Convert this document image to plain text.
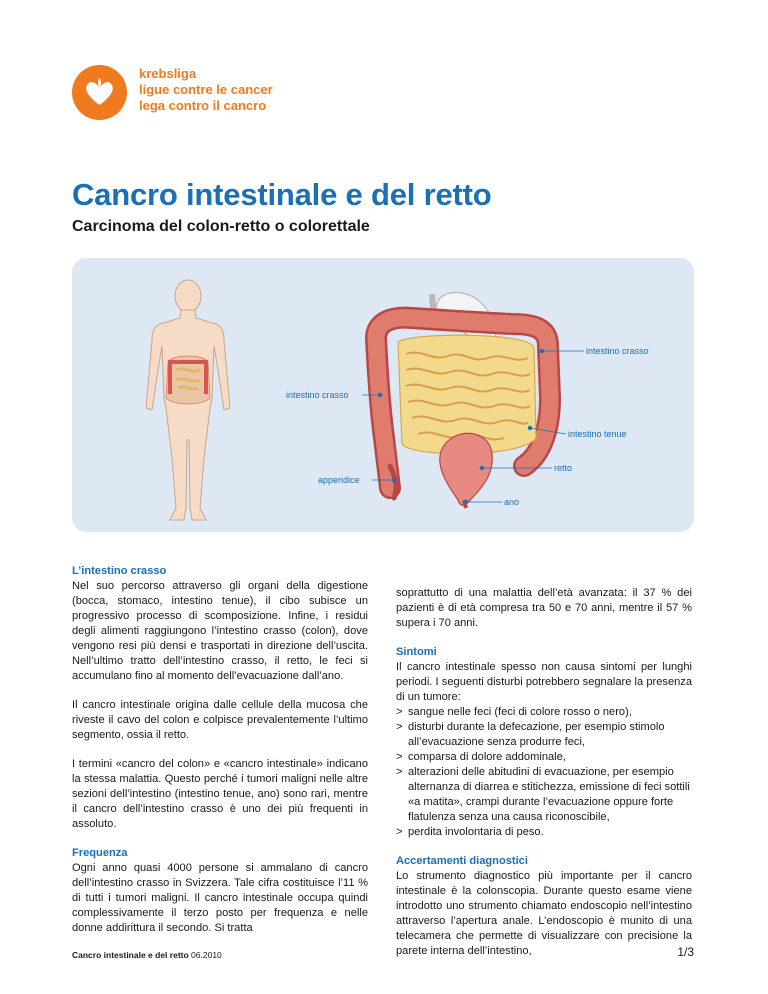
krebsliga
ligue contre le cancer
lega contro il cancro
Cancro intestinale e del retto
Carcinoma del colon-retto o colorettale
intestino crasso
intestino crasso
intestino tenue
retto
appendice
ano
L’intestino crasso

Nel suo percorso attraverso gli organi della digestione (bocca, stomaco, intestino tenue), il cibo subisce un progressivo processo di scomposizione. Infine, i residui degli alimenti raggiungono l’intestino crasso (colon), dove vengono resi più densi e trasportati in direzione dell’uscita. Nell’ultimo tratto dell’intestino crasso, il retto, le feci si accumulano fino al momento dell’evacuazione dall’ano.

Il cancro intestinale origina dalle cellule della mucosa che riveste il cavo del colon e colpisce prevalentemente l’ultimo segmento, ossia il retto.

I termini «cancro del colon» e «cancro intestinale» indicano la stessa malattia. Questo perché i tumori maligni nelle altre sezioni dell’intestino (intestino tenue, ano) sono rari, mentre il cancro dell’intestino crasso è uno dei più frequenti in assoluto.

Frequenza

Ogni anno quasi 4000 persone si ammalano di cancro dell’intestino crasso in Svizzera. Tale cifra costituisce l’11 % di tutti i tumori maligni. Il cancro intestinale occupa quindi complessivamente il terzo posto per frequenza e nelle donne addirittura il secondo. Si tratta

soprattutto di una malattia dell’età avanzata: il 37 % dei pazienti è di età compresa tra 50 e 70 anni, mentre il 57 % supera i 70 anni.

Sintomi

Il cancro intestinale spesso non causa sintomi per lunghi periodi. I seguenti disturbi potrebbero segnalare la presenza di un tumore:

> sangue nelle feci (feci di colore rosso o nero),
> disturbi durante la defecazione, per esempio stimolo all’evacuazione senza produrre feci,
> comparsa di dolore addominale,
> alterazioni delle abitudini di evacuazione, per esempio alternanza di diarrea e stitichezza, emissione di feci sottili «a matita», crampi durante l’evacuazione oppure forte flatulenza senza una causa riconoscibile,
> perdita involontaria di peso.
Accertamenti diagnostici

Lo strumento diagnostico più importante per il cancro intestinale è la colonscopia. Durante questo esame viene introdotto uno strumento chiamato endoscopio nell’intestino attraverso l’apertura anale. L’endoscopio è munito di una telecamera che permette di visualizzare con precisione la parete interna dell’intestino,

Cancro intestinale e del retto 06.2010	1/3
